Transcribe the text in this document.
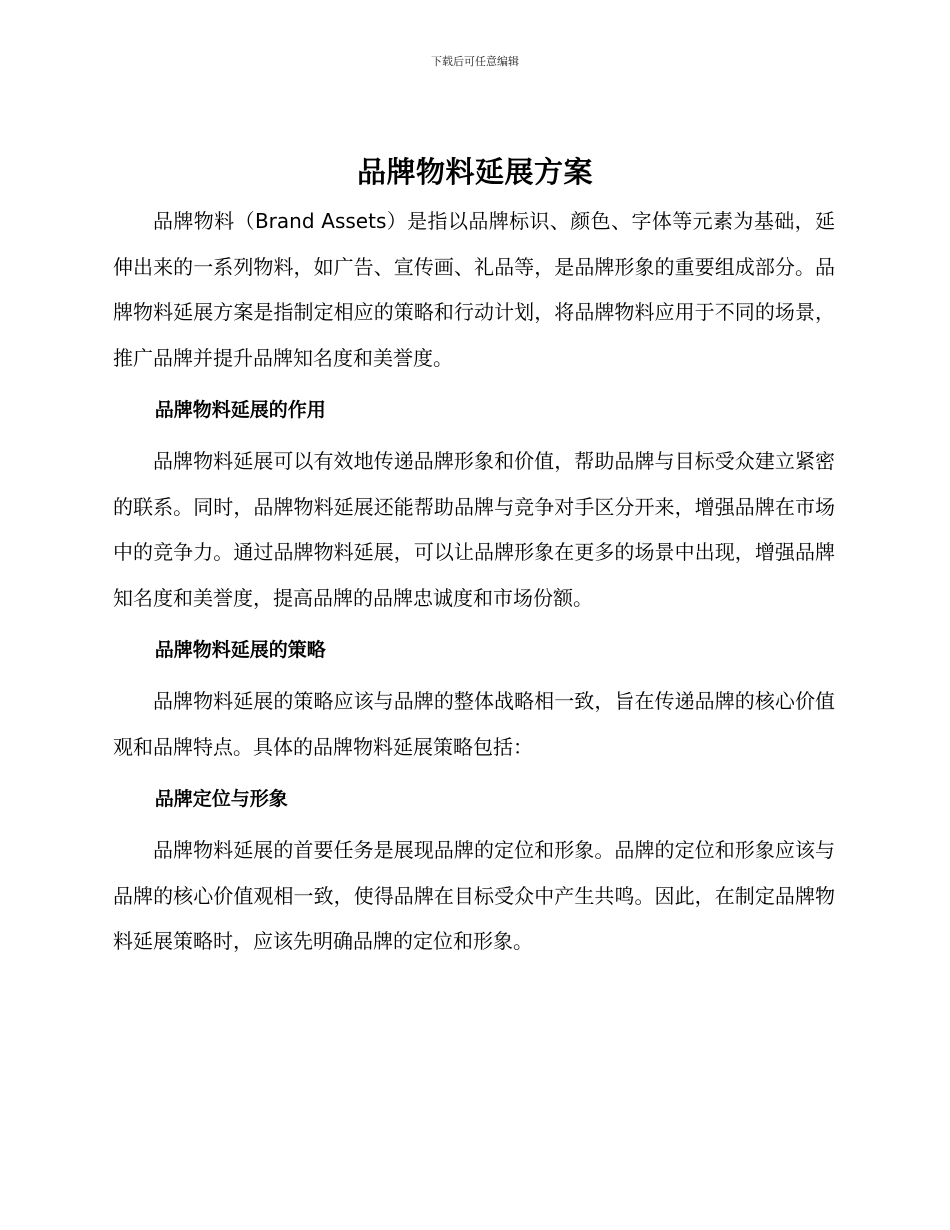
下载后可任意编辑
品牌物料延展方案

品牌物料（Brand Assets）是指以品牌标识、颜色、字体等元素为基础，延伸出来的一系列物料，如广告、宣传画、礼品等，是品牌形象的重要组成部分。品牌物料延展方案是指制定相应的策略和行动计划，将品牌物料应用于不同的场景，推广品牌并提升品牌知名度和美誉度。

品牌物料延展的作用

品牌物料延展可以有效地传递品牌形象和价值，帮助品牌与目标受众建立紧密的联系。同时，品牌物料延展还能帮助品牌与竞争对手区分开来，增强品牌在市场中的竞争力。通过品牌物料延展，可以让品牌形象在更多的场景中出现，增强品牌知名度和美誉度，提高品牌的品牌忠诚度和市场份额。

品牌物料延展的策略

品牌物料延展的策略应该与品牌的整体战略相一致，旨在传递品牌的核心价值观和品牌特点。具体的品牌物料延展策略包括：

品牌定位与形象

品牌物料延展的首要任务是展现品牌的定位和形象。品牌的定位和形象应该与品牌的核心价值观相一致，使得品牌在目标受众中产生共鸣。因此，在制定品牌物料延展策略时，应该先明确品牌的定位和形象。
